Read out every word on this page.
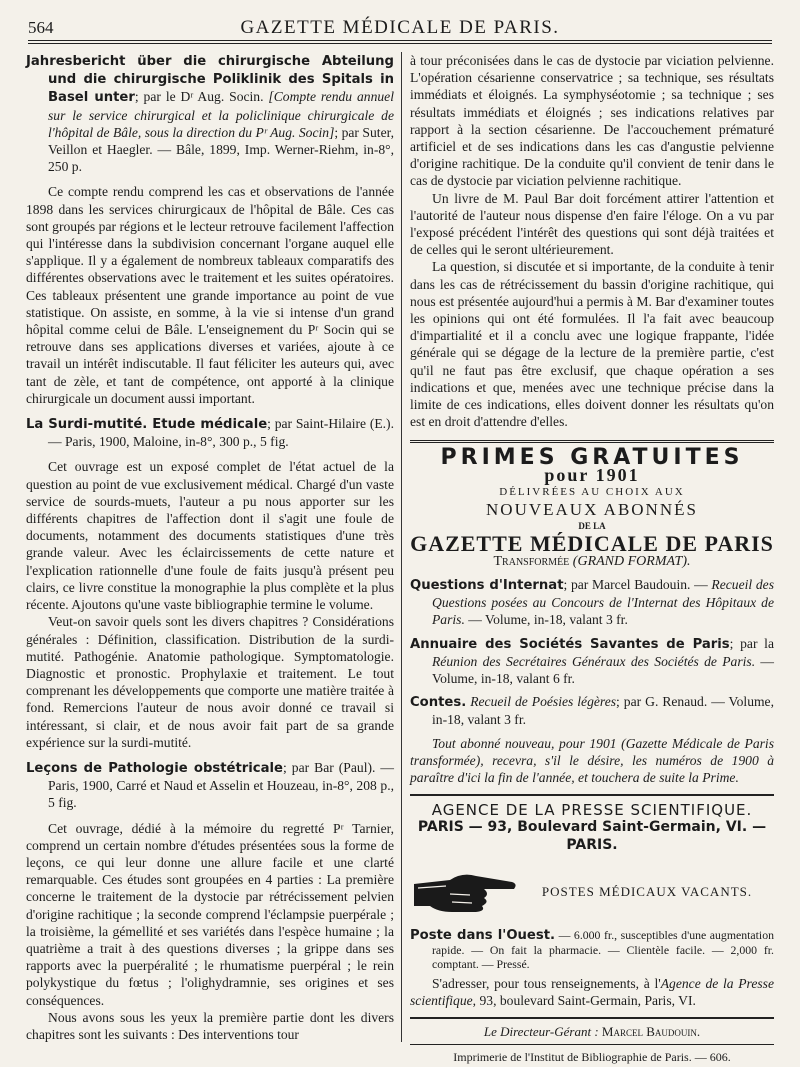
564	GAZETTE MÉDICALE DE PARIS.

Jahresbericht über die chirurgische Abteilung und die chirurgische Poliklinik des Spitals in Basel unter; par le Dʳ Aug. Socin. [Compte rendu annuel sur le service chirurgical et la policlinique chirurgicale de l'hôpital de Bâle, sous la direction du Pʳ Aug. Socin]; par Suter, Veillon et Haegler. — Bâle, 1899, Imp. Werner-Riehm, in-8°, 250 p.

Ce compte rendu comprend les cas et observations de l'année 1898 dans les services chirurgicaux de l'hôpital de Bâle. Ces cas sont groupés par régions et le lecteur retrouve facilement l'affection qui l'intéresse dans la subdivision concernant l'organe auquel elle s'applique. Il y a également de nombreux tableaux comparatifs des différentes observations avec le traitement et les suites opératoires. Ces tableaux présentent une grande importance au point de vue statistique. On assiste, en somme, à la vie si intense d'un grand hôpital comme celui de Bâle. L'enseignement du Pʳ Socin qui se retrouve dans ses applications diverses et variées, ajoute à ce travail un intérêt indiscutable. Il faut féliciter les auteurs qui, avec tant de zèle, et tant de compétence, ont apporté à la clinique chirurgicale un document aussi important.

La Surdi-mutité. Etude médicale; par Saint-Hilaire (E.). — Paris, 1900, Maloine, in-8°, 300 p., 5 fig.

Cet ouvrage est un exposé complet de l'état actuel de la question au point de vue exclusivement médical. Chargé d'un vaste service de sourds-muets, l'auteur a pu nous apporter sur les différents chapitres de l'affection dont il s'agit une foule de documents, notamment des documents statistiques d'une très grande valeur. Avec les éclaircissements de cette nature et l'explication rationnelle d'une foule de faits jusqu'à présent peu clairs, ce livre constitue la monographie la plus complète et la plus récente. Ajoutons qu'une vaste bibliographie termine le volume.

Veut-on savoir quels sont les divers chapitres ? Considérations générales : Définition, classification. Distribution de la surdi-mutité. Pathogénie. Anatomie pathologique. Symptomatologie. Diagnostic et pronostic. Prophylaxie et traitement. Le tout comprenant les développements que comporte une matière traitée à fond. Remercions l'auteur de nous avoir donné ce travail si intéressant, si clair, et de nous avoir fait part de sa grande expérience sur la surdi-mutité.

Leçons de Pathologie obstétricale; par Bar (Paul). — Paris, 1900, Carré et Naud et Asselin et Houzeau, in-8°, 208 p., 5 fig.

Cet ouvrage, dédié à la mémoire du regretté Pʳ Tarnier, comprend un certain nombre d'études présentées sous la forme de leçons, ce qui leur donne une allure facile et une clarté remarquable. Ces études sont groupées en 4 parties : La première concerne le traitement de la dystocie par rétrécissement pelvien d'origine rachitique ; la seconde comprend l'éclampsie puerpérale ; la troisième, la gémellité et ses variétés dans l'espèce humaine ; la quatrième a trait à des questions diverses ; la grippe dans ses rapports avec la puerpéralité ; le rhumatisme puerpéral ; le rein polykystique du fœtus ; l'olighydramnie, ses origines et ses conséquences.

Nous avons sous les yeux la première partie dont les divers chapitres sont les suivants : Des interventions tour

à tour préconisées dans le cas de dystocie par viciation pelvienne. L'opération césarienne conservatrice ; sa technique, ses résultats immédiats et éloignés. La symphyséotomie ; sa technique ; ses résultats immédiats et éloignés ; ses indications relatives par rapport à la section césarienne. De l'accouchement prématuré artificiel et de ses indications dans les cas d'angustie pelvienne d'origine rachitique. De la conduite qu'il convient de tenir dans le cas de dystocie par viciation pelvienne rachitique.

Un livre de M. Paul Bar doit forcément attirer l'attention et l'autorité de l'auteur nous dispense d'en faire l'éloge. On a vu par l'exposé précédent l'intérêt des questions qui sont déjà traitées et de celles qui le seront ultérieurement.

La question, si discutée et si importante, de la conduite à tenir dans les cas de rétrécissement du bassin d'origine rachitique, qui nous est présentée aujourd'hui a permis à M. Bar d'examiner toutes les opinions qui ont été formulées. Il l'a fait avec beaucoup d'impartialité et il a conclu avec une logique frappante, l'idée générale qui se dégage de la lecture de la première partie, c'est qu'il ne faut pas être exclusif, que chaque opération a ses indications et que, menées avec une technique précise dans la limite de ces indications, elles doivent donner les résultats qu'on est en droit d'attendre d'elles.

PRIMES GRATUITES
pour 1901
DÉLIVRÉES AU CHOIX AUX
NOUVEAUX ABONNÉS
DE LA
GAZETTE MÉDICALE DE PARIS
Transformée (GRAND FORMAT).

Questions d'Internat; par Marcel Baudouin. — Recueil des Questions posées au Concours de l'Internat des Hôpitaux de Paris. — Volume, in-18, valant 3 fr.

Annuaire des Sociétés Savantes de Paris; par la Réunion des Secrétaires Généraux des Sociétés de Paris. — Volume, in-18, valant 6 fr.

Contes. Recueil de Poésies légères; par G. Renaud. — Volume, in-18, valant 3 fr.

Tout abonné nouveau, pour 1901 (Gazette Médicale de Paris transformée), recevra, s'il le désire, les numéros de 1900 à paraître d'ici la fin de l'année, et touchera de suite la Prime.

AGENCE DE LA PRESSE SCIENTIFIQUE.
PARIS — 93, Boulevard Saint-Germain, VI. — PARIS.
POSTES MÉDICAUX VACANTS.

Poste dans l'Ouest. — 6.000 fr., susceptibles d'une augmentation rapide. — On fait la pharmacie. — Clientèle facile. — 2,000 fr. comptant. — Pressé.

S'adresser, pour tous renseignements, à l'Agence de la Presse scientifique, 93, boulevard Saint-Germain, Paris, VI.

Le Directeur-Gérant : Marcel Baudouin.
Imprimerie de l'Institut de Bibliographie de Paris. — 606.
